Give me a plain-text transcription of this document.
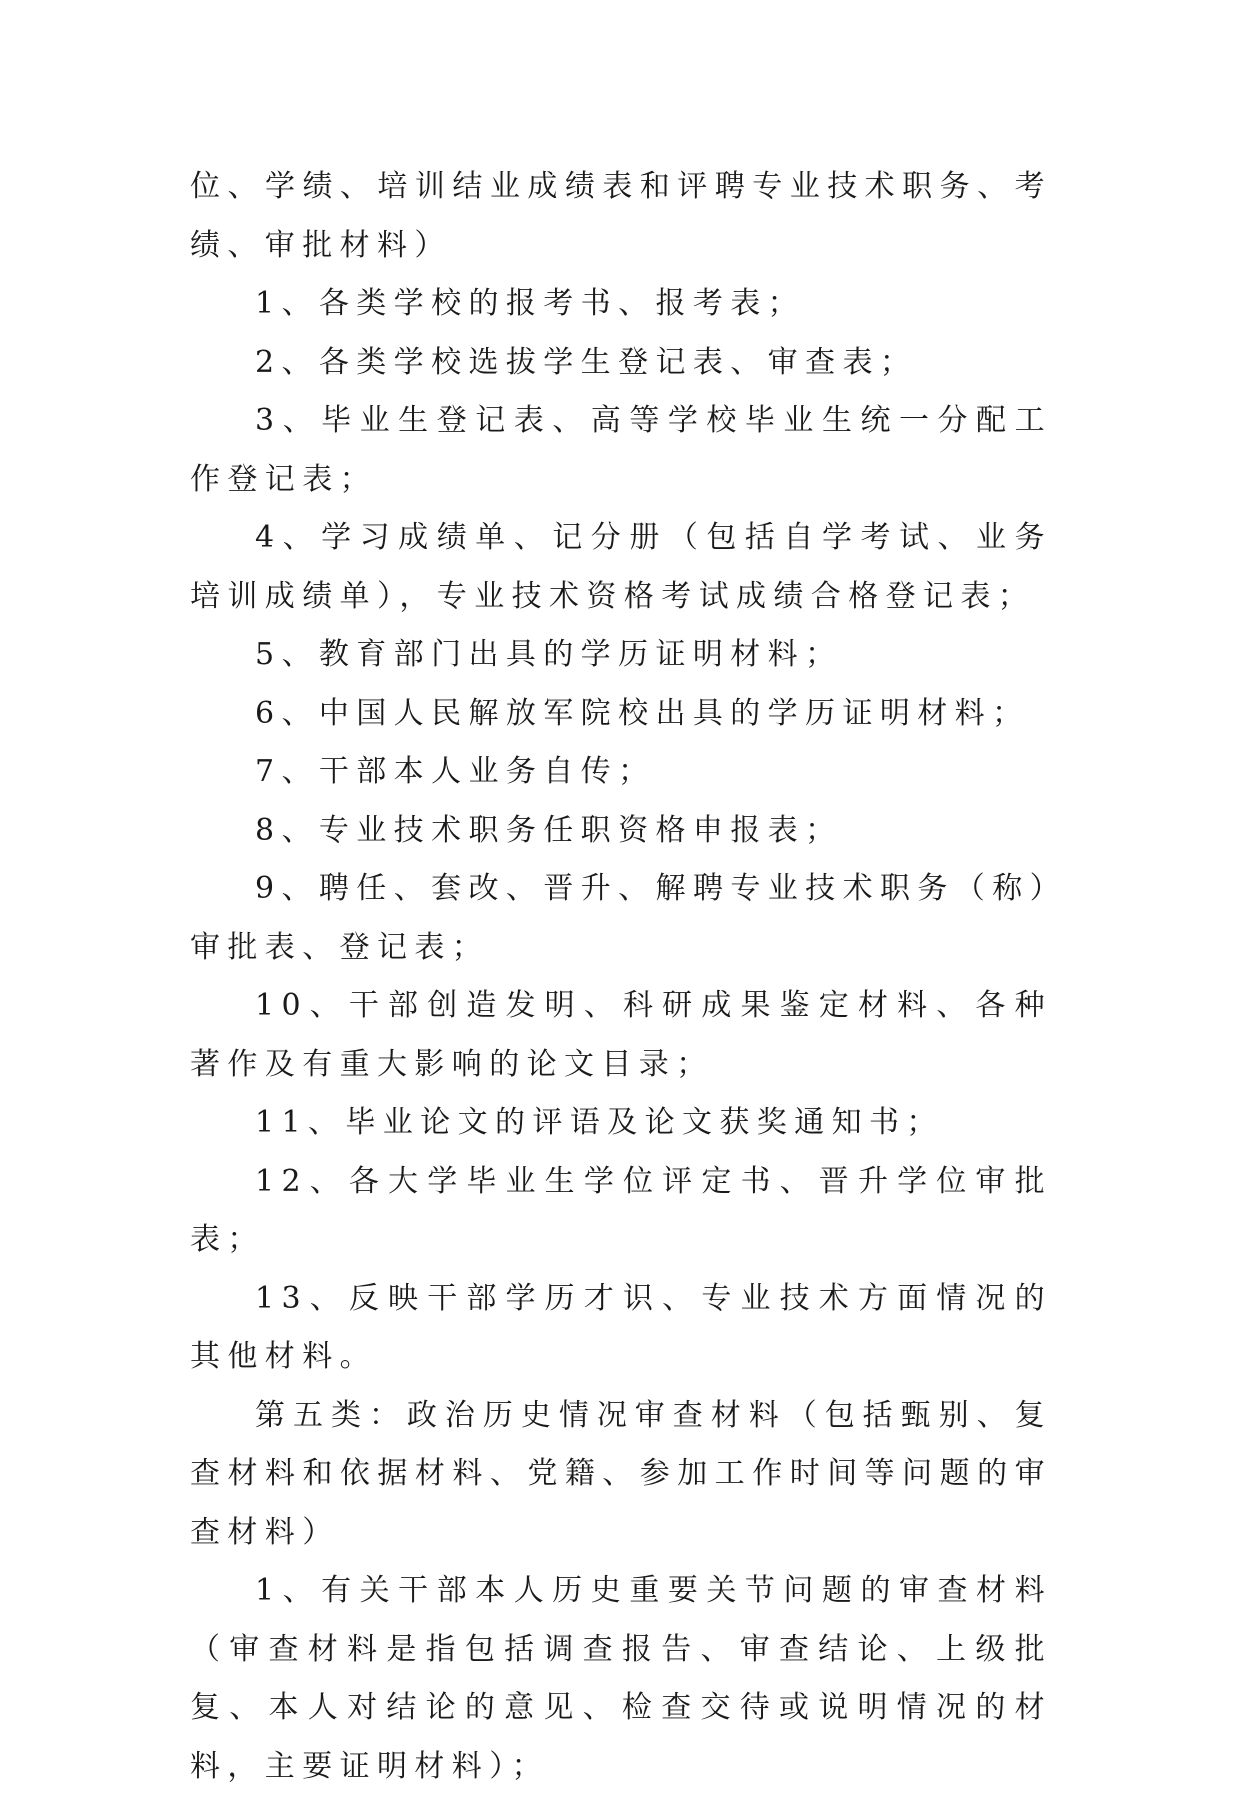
位、学绩、培训结业成绩表和评聘专业技术职务、考绩、审批材料）

1、各类学校的报考书、报考表；

2、各类学校选拔学生登记表、审查表；

3、毕业生登记表、高等学校毕业生统一分配工作登记表；

4、学习成绩单、记分册（包括自学考试、业务培训成绩单），专业技术资格考试成绩合格登记表；

5、教育部门出具的学历证明材料；

6、中国人民解放军院校出具的学历证明材料；

7、干部本人业务自传；

8、专业技术职务任职资格申报表；

9、聘任、套改、晋升、解聘专业技术职务（称）审批表、登记表；

10、干部创造发明、科研成果鉴定材料、各种著作及有重大影响的论文目录；

11、毕业论文的评语及论文获奖通知书；

12、各大学毕业生学位评定书、晋升学位审批表；

13、反映干部学历才识、专业技术方面情况的其他材料。

第五类：政治历史情况审查材料（包括甄别、复查材料和依据材料、党籍、参加工作时间等问题的审查材料）

1、有关干部本人历史重要关节问题的审查材料（审查材料是指包括调查报告、审查结论、上级批复、本人对结论的意见、检查交待或说明情况的材料，主要证明材料）；
